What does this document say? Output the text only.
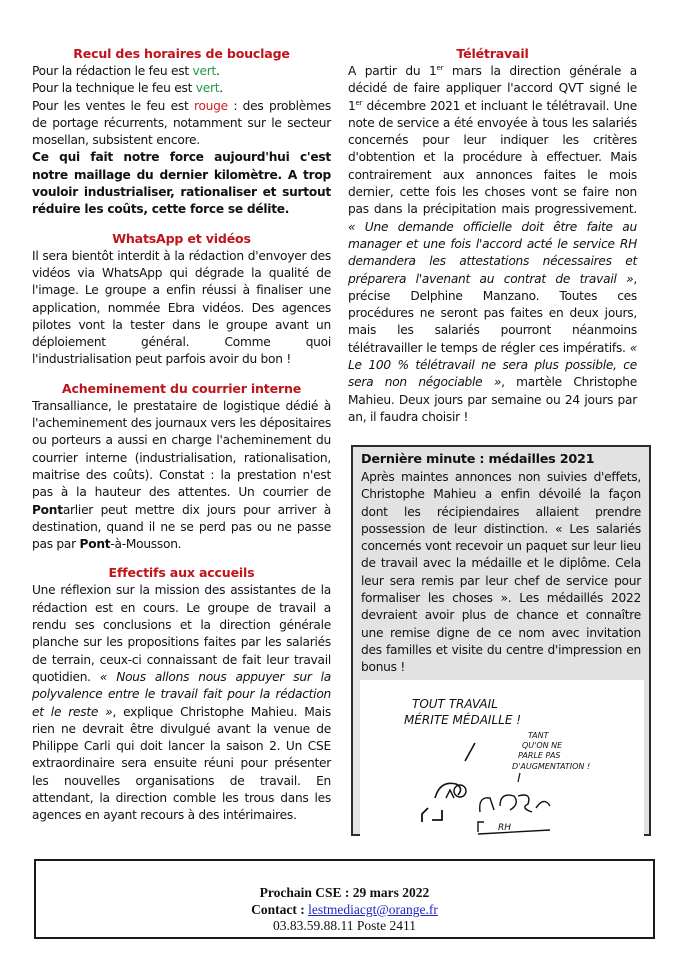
Recul des horaires de bouclage

Pour la rédaction le feu est vert.

Pour la technique le feu est vert.

Pour les ventes le feu est rouge : des problèmes de portage récurrents, notamment sur le secteur mosellan, subsistent encore.

Ce qui fait notre force aujourd'hui c'est notre maillage du dernier kilomètre. A trop vouloir industrialiser, rationaliser et surtout réduire les coûts, cette force se délite.

WhatsApp et vidéos

Il sera bientôt interdit à la rédaction d'envoyer des vidéos via WhatsApp qui dégrade la qualité de l'image. Le groupe a enfin réussi à finaliser une application, nommée Ebra vidéos. Des agences pilotes vont la tester dans le groupe avant un déploiement général. Comme quoi l'industrialisation peut parfois avoir du bon !

Acheminement du courrier interne

Transalliance, le prestataire de logistique dédié à l'acheminement des journaux vers les dépositaires ou porteurs a aussi en charge l'acheminement du courrier interne (industrialisation, rationalisation, maitrise des coûts). Constat : la prestation n'est pas à la hauteur des attentes. Un courrier de Pontarlier peut mettre dix jours pour arriver à destination, quand il ne se perd pas ou ne passe pas par Pont-à-Mousson.

Effectifs aux accueils

Une réflexion sur la mission des assistantes de la rédaction est en cours. Le groupe de travail a rendu ses conclusions et la direction générale planche sur les propositions faites par les salariés de terrain, ceux-ci connaissant de fait leur travail quotidien. « Nous allons nous appuyer sur la polyvalence entre le travail fait pour la rédaction et le reste », explique Christophe Mahieu. Mais rien ne devrait être divulgué avant la venue de Philippe Carli qui doit lancer la saison 2. Un CSE extraordinaire sera ensuite réuni pour présenter les nouvelles organisations de travail. En attendant, la direction comble les trous dans les agences en ayant recours à des intérimaires.

Télétravail

A partir du 1er mars la direction générale a décidé de faire appliquer l'accord QVT signé le 1er décembre 2021 et incluant le télétravail. Une note de service a été envoyée à tous les salariés concernés pour leur indiquer les critères d'obtention et la procédure à effectuer. Mais contrairement aux annonces faites le mois dernier, cette fois les choses vont se faire non pas dans la précipitation mais progressivement. « Une demande officielle doit être faite au manager et une fois l'accord acté le service RH demandera les attestations nécessaires et préparera l'avenant au contrat de travail », précise Delphine Manzano. Toutes ces procédures ne seront pas faites en deux jours, mais les salariés pourront néanmoins télétravailler le temps de régler ces impératifs. « Le 100 % télétravail ne sera plus possible, ce sera non négociable », martèle Christophe Mahieu. Deux jours par semaine ou 24 jours par an, il faudra choisir !

Dernière minute : médailles 2021

Après maintes annonces non suivies d'effets, Christophe Mahieu a enfin dévoilé la façon dont les récipiendaires allaient prendre possession de leur distinction. « Les salariés concernés vont recevoir un paquet sur leur lieu de travail avec la médaille et le diplôme. Cela leur sera remis par leur chef de service pour formaliser les choses ». Les médaillés 2022 devraient avoir plus de chance et connaître une remise digne de ce nom avec invitation des familles et visite du centre d'impression en bonus !

TOUT TRAVAIL
MÉRITE MÉDAILLE !
TANT
QU'ON NE
PARLE PAS
D'AUGMENTATION !
RH
Prochain CSE : 29 mars 2022
Contact : lestmediacgt@orange.fr
03.83.59.88.11 Poste 2411
